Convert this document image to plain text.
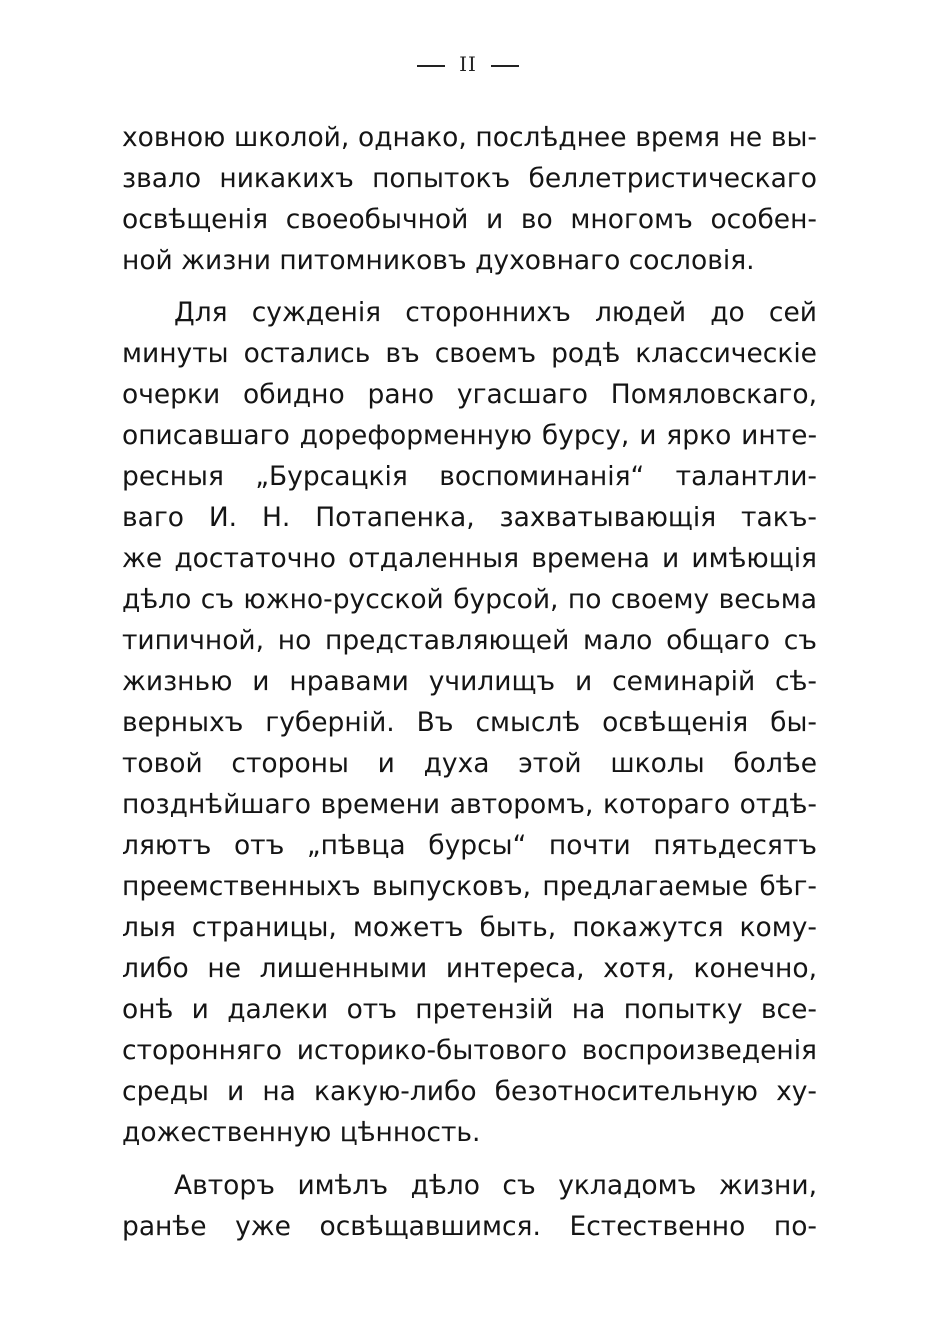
II
ховною школой, однако, послѣднее время не вы-
звало никакихъ попытокъ беллетристическаго
освѣщенія своеобычной и во многомъ особен-
ной жизни питомниковъ духовнаго сословія.
Для сужденія стороннихъ людей до сей
минуты остались въ своемъ родѣ классическіе
очерки обидно рано угасшаго Помяловскаго,
описавшаго дореформенную бурсу, и ярко инте-
ресныя „Бурсацкія воспоминанія“ талантли-
ваго И. Н. Потапенка, захватывающія такъ-
же достаточно отдаленныя времена и имѣющія
дѣло съ южно-русской бурсой, по своему весьма
типичной, но представляющей мало общаго съ
жизнью и нравами училищъ и семинарій сѣ-
верныхъ губерній. Въ смыслѣ освѣщенія бы-
товой стороны и духа этой школы болѣе
позднѣйшаго времени авторомъ, котораго отдѣ-
ляютъ отъ „пѣвца бурсы“ почти пятьдесятъ
преемственныхъ выпусковъ, предлагаемые бѣг-
лыя страницы, можетъ быть, покажутся кому-
либо не лишенными интереса, хотя, конечно,
онѣ и далеки отъ претензій на попытку все-
сторонняго историко-бытового воспроизведенія
среды и на какую-либо безотносительную ху-
дожественную цѣнность.
Авторъ имѣлъ дѣло съ укладомъ жизни,
ранѣе уже освѣщавшимся. Естественно по-
